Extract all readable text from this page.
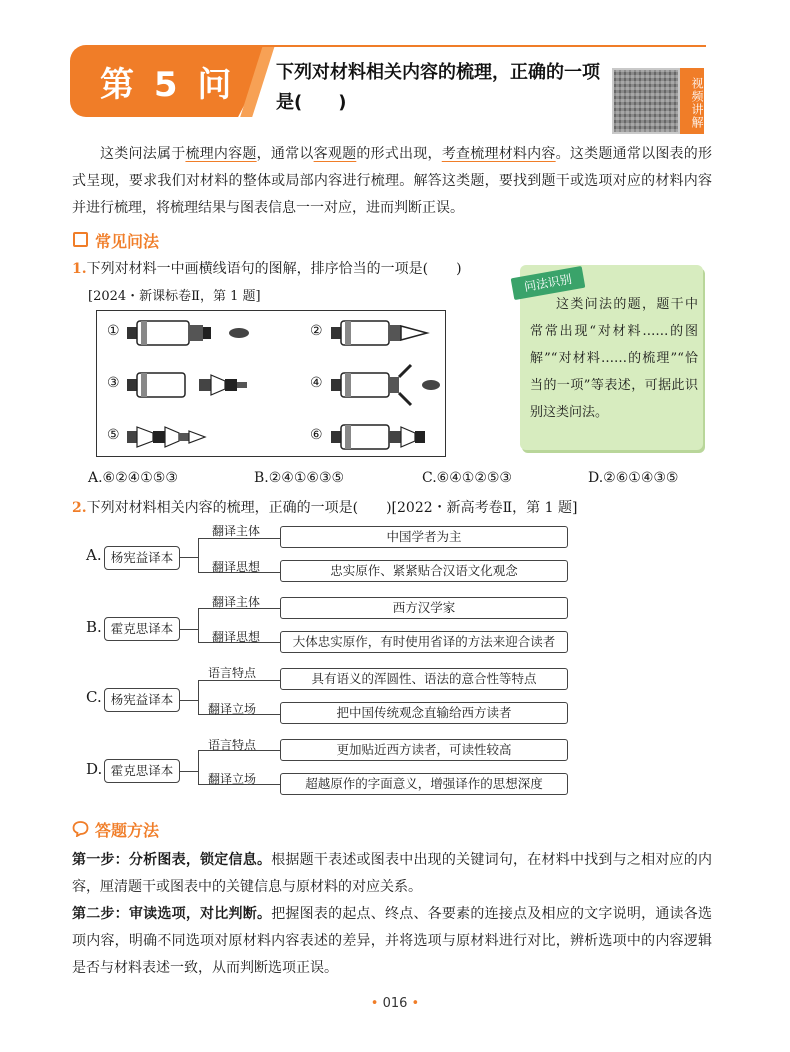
第 5 问 下列对材料相关内容的梳理，正确的一项是(　　)	视频讲解
这类问法属于梳理内容题，通常以客观题的形式出现，考查梳理材料内容。这类题通常以图表的形式呈现，要求我们对材料的整体或局部内容进行梳理。解答这类题，要找到题干或选项对应的材料内容并进行梳理，将梳理结果与图表信息一一对应，进而判断正误。
常见问法
1.下列对材料一中画横线语句的图解，排序恰当的一项是(　　)
[2024・新课标卷Ⅱ，第 1 题]
①
③
⑤
②
④
⑥
问法识别
这类问法的题，题干中常常出现“对材料……的图解”“对材料……的梳理”“恰当的一项”等表述，可据此识别这类问法。
A.⑥②④①⑤③	B.②④①⑥③⑤	C.⑥④①②⑤③	D.②⑥①④③⑤
2.下列对材料相关内容的梳理，正确的一项是(　　)[2022・新高考卷Ⅱ，第 1 题]
A. 杨宪益译本
翻译主体
翻译思想
中国学者为主
忠实原作、紧紧贴合汉语文化观念
B. 霍克思译本
翻译主体
翻译思想
西方汉学家
大体忠实原作，有时使用省译的方法来迎合读者
C. 杨宪益译本
语言特点
翻译立场
具有语义的浑圆性、语法的意合性等特点
把中国传统观念直输给西方读者
D. 霍克思译本
语言特点
翻译立场
更加贴近西方读者，可读性较高
超越原作的字面意义，增强译作的思想深度
答题方法
第一步：分析图表，锁定信息。根据题干表述或图表中出现的关键词句，在材料中找到与之相对应的内容，厘清题干或图表中的关键信息与原材料的对应关系。
第二步：审读选项，对比判断。把握图表的起点、终点、各要素的连接点及相应的文字说明，通读各选项内容，明确不同选项对原材料内容表述的差异，并将选项与原材料进行对比，辨析选项中的内容逻辑是否与材料表述一致，从而判断选项正误。
• 016 •
